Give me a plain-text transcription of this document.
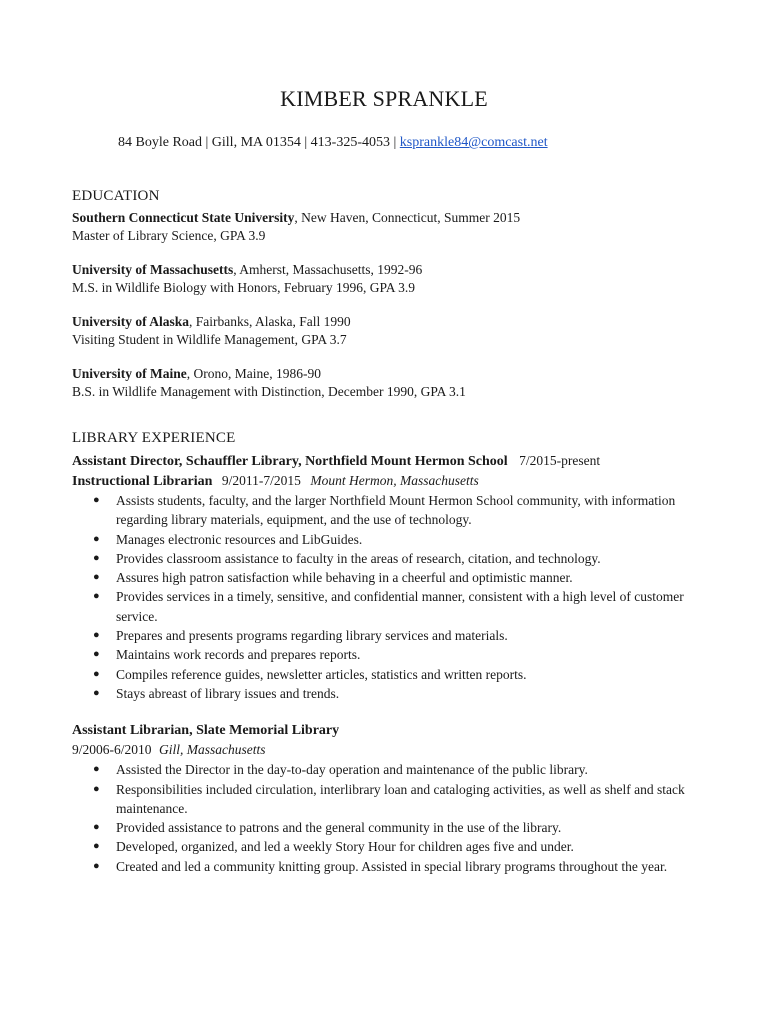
KIMBER SPRANKLE
84 Boyle Road | Gill, MA 01354 | 413-325-4053 | ksprankle84@comcast.net
EDUCATION
Southern Connecticut State University, New Haven, Connecticut, Summer 2015
Master of Library Science, GPA 3.9
University of Massachusetts, Amherst, Massachusetts, 1992-96
M.S. in Wildlife Biology with Honors, February 1996, GPA 3.9
University of Alaska, Fairbanks, Alaska, Fall 1990
Visiting Student in Wildlife Management, GPA 3.7
University of Maine, Orono, Maine, 1986-90
B.S. in Wildlife Management with Distinction, December 1990, GPA 3.1
LIBRARY EXPERIENCE
Assistant Director, Schauffler Library, Northfield Mount Hermon School 7/2015-present
Instructional Librarian 9/2011-7/2015 Mount Hermon, Massachusetts
● Assists students, faculty, and the larger Northfield Mount Hermon School community, with information regarding library materials, equipment, and the use of technology.
● Manages electronic resources and LibGuides.
● Provides classroom assistance to faculty in the areas of research, citation, and technology.
● Assures high patron satisfaction while behaving in a cheerful and optimistic manner.
● Provides services in a timely, sensitive, and confidential manner, consistent with a high level of customer service.
● Prepares and presents programs regarding library services and materials.
● Maintains work records and prepares reports.
● Compiles reference guides, newsletter articles, statistics and written reports.
● Stays abreast of library issues and trends.
Assistant Librarian, Slate Memorial Library
9/2006-6/2010 Gill, Massachusetts
● Assisted the Director in the day-to-day operation and maintenance of the public library.
● Responsibilities included circulation, interlibrary loan and cataloging activities, as well as shelf and stack maintenance.
● Provided assistance to patrons and the general community in the use of the library.
● Developed, organized, and led a weekly Story Hour for children ages five and under.
● Created and led a community knitting group. Assisted in special library programs throughout the year.
